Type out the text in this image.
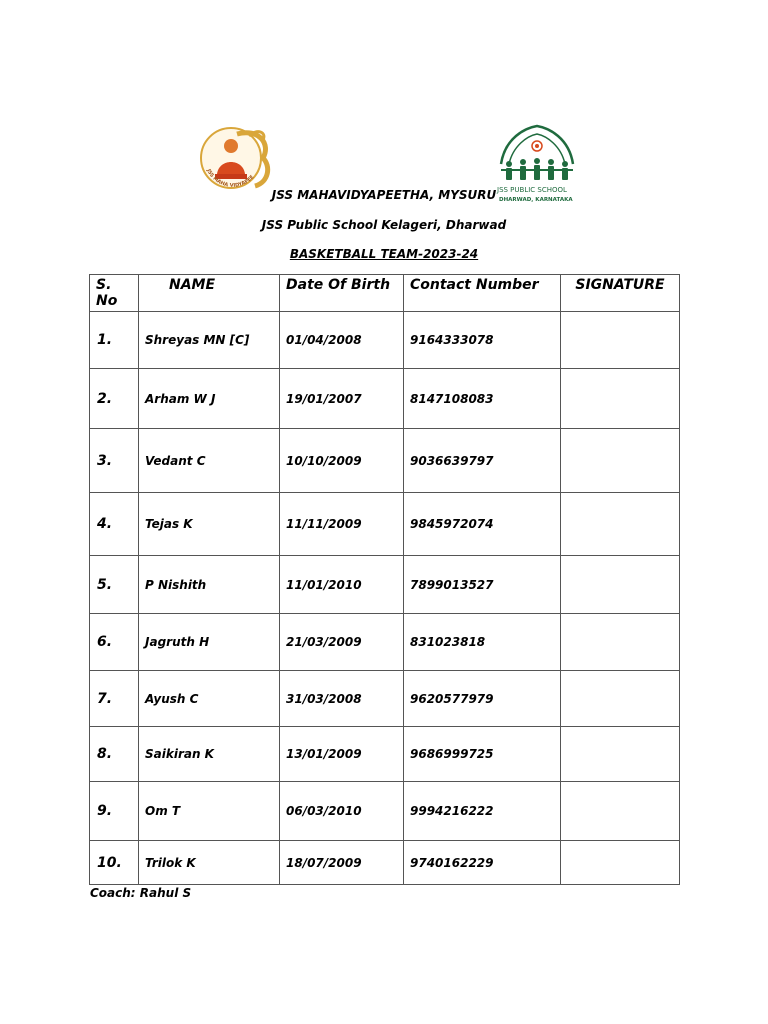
JSS MAHA VIDYAPEE
JSS PUBLIC SCHOOL
DHARWAD, KARNATAKA
JSS MAHAVIDYAPEETHA, MYSURU
JSS Public School Kelageri, Dharwad
BASKETBALL TEAM-2023-24
S. No	NAME	Date Of Birth	Contact Number	SIGNATURE
1.	Shreyas MN [C]	01/04/2008	9164333078	
2.	Arham W J	19/01/2007	8147108083	
3.	Vedant C	10/10/2009	9036639797	
4.	Tejas K	11/11/2009	9845972074	
5.	P Nishith	11/01/2010	7899013527	
6.	Jagruth H	21/03/2009	831023818	
7.	Ayush C	31/03/2008	9620577979	
8.	Saikiran K	13/01/2009	9686999725	
9.	Om T	06/03/2010	9994216222	
10.	Trilok K	18/07/2009	9740162229	
Coach: Rahul S
